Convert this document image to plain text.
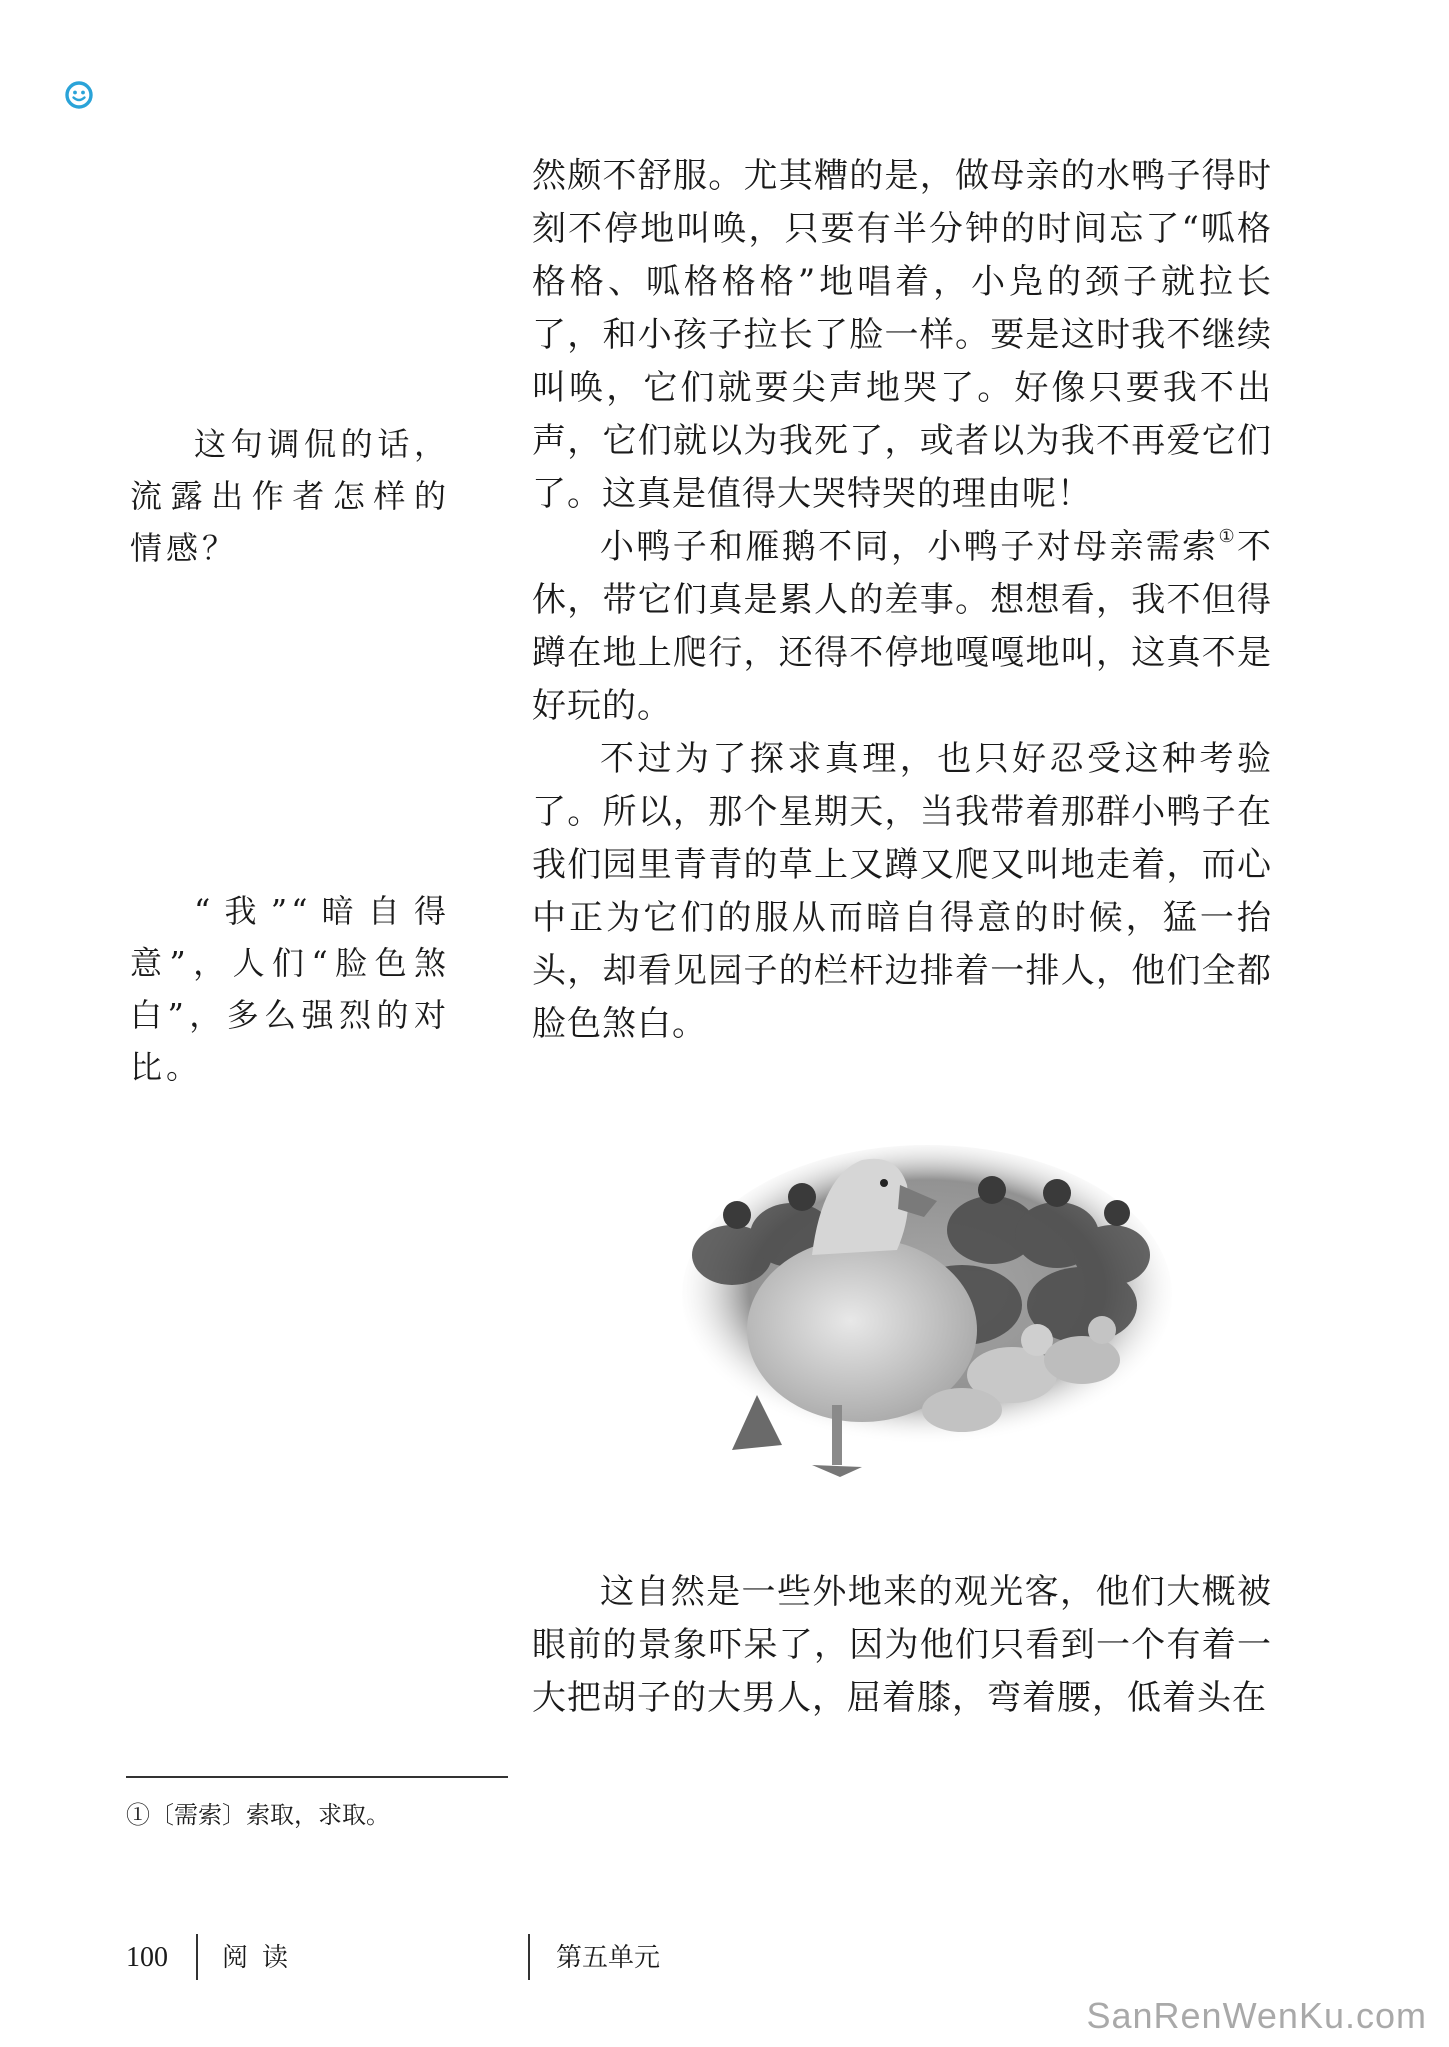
然颇不舒服。尤其糟的是，做母亲的水鸭子得时刻不停地叫唤，只要有半分钟的时间忘了“呱格格格、呱格格格”地唱着，小凫的颈子就拉长了，和小孩子拉长了脸一样。要是这时我不继续叫唤，它们就要尖声地哭了。好像只要我不出声，它们就以为我死了，或者以为我不再爱它们了。这真是值得大哭特哭的理由呢！

小鸭子和雁鹅不同，小鸭子对母亲需索①不休，带它们真是累人的差事。想想看，我不但得蹲在地上爬行，还得不停地嘎嘎地叫，这真不是好玩的。

不过为了探求真理，也只好忍受这种考验了。所以，那个星期天，当我带着那群小鸭子在我们园里青青的草上又蹲又爬又叫地走着，而心中正为它们的服从而暗自得意的时候，猛一抬头，却看见园子的栏杆边排着一排人，他们全都脸色煞白。

这句调侃的话，流露出作者怎样的情感？
“我”“暗自得意”，人们“脸色煞白”，多么强烈的对比。

这自然是一些外地来的观光客，他们大概被眼前的景象吓呆了，因为他们只看到一个有着一大把胡子的大男人，屈着膝，弯着腰，低着头在

①〔需索〕索取，求取。
100 阅读	第五单元
SanRenWenKu.com
